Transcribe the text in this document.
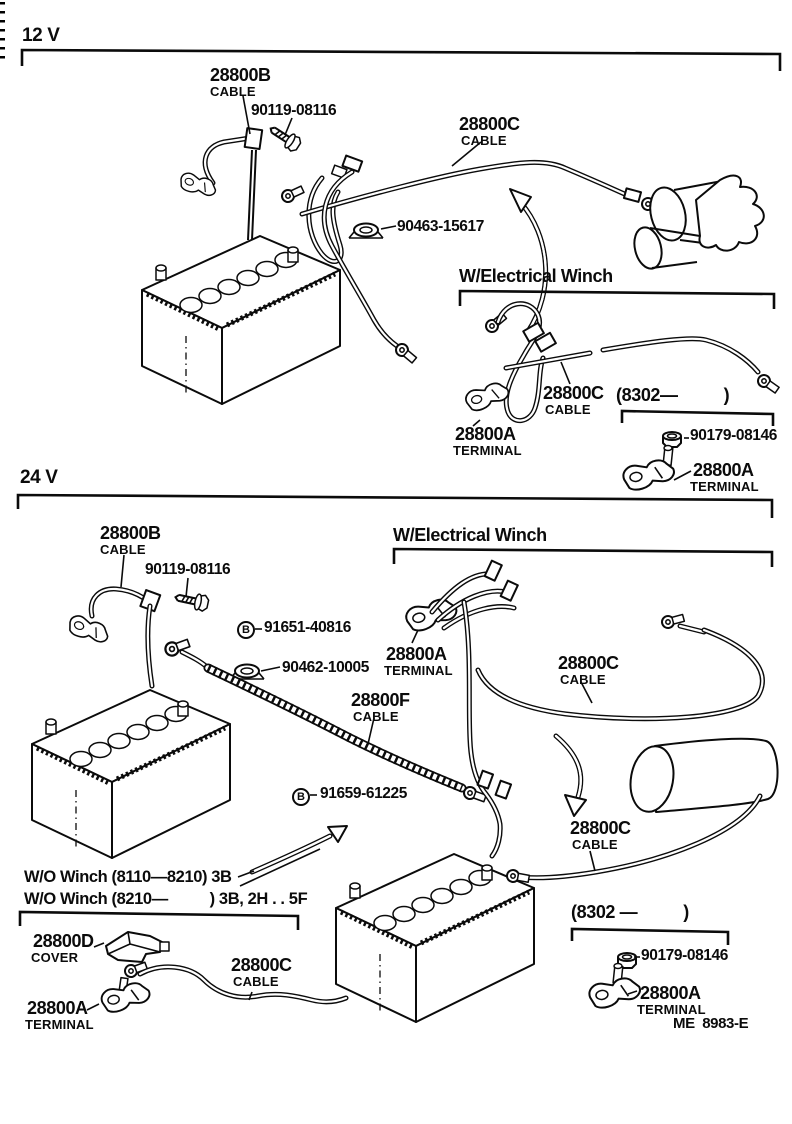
12 V
28800B
CABLE
90119-08116
28800C
CABLE
90463-15617
W/Electrical Winch
28800C
CABLE
(8302—          )
28800A
TERMINAL
90179-08146
28800A
TERMINAL
24 V
28800B
CABLE
90119-08116
W/Electrical Winch
B 91651-40816
90462-10005
28800A
TERMINAL	28800C
CABLE
28800F
CABLE
B 91659-61225
28800C
CABLE
W/O Winch (8110—8210) 3B
W/O Winch (8210—          ) 3B, 2H . . 5F
28800D
COVER	28800C
CABLE
28800A
TERMINAL
(8302 —          )
90179-08146
28800A
TERMINAL
ME  8983-E
